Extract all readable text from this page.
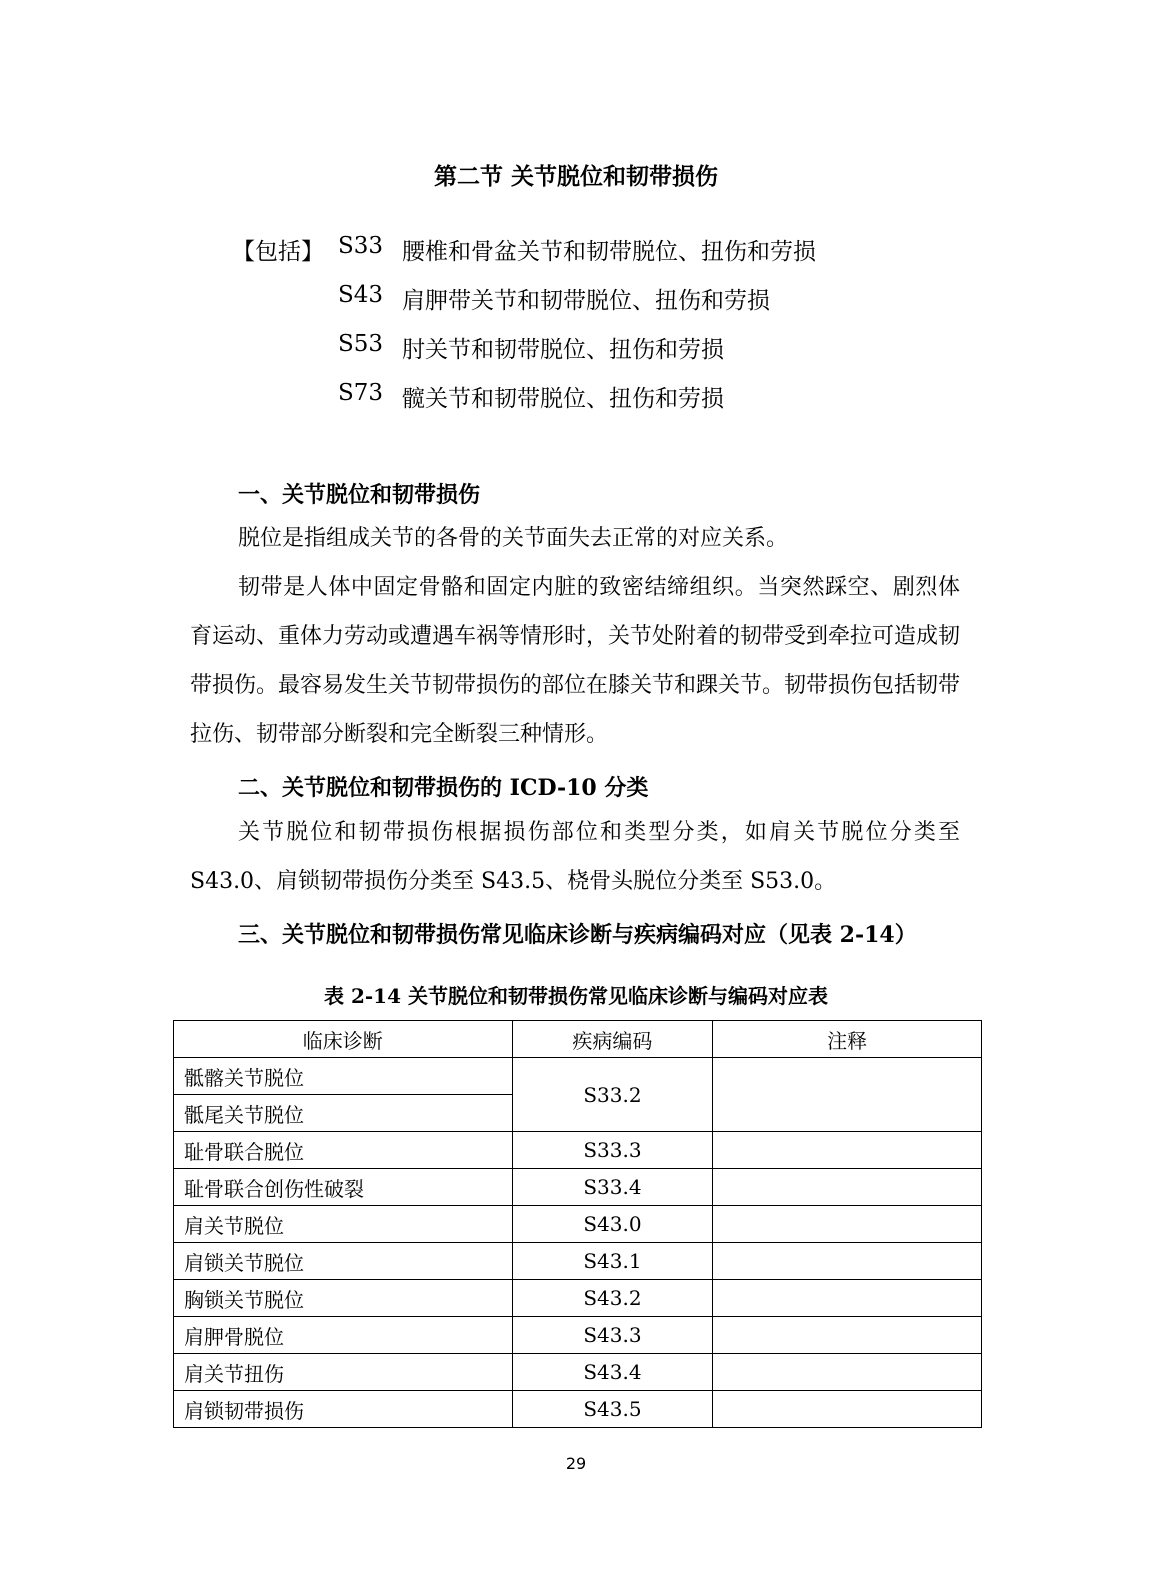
第二节 关节脱位和韧带损伤
【包括】 S33 腰椎和骨盆关节和韧带脱位、扭伤和劳损
S43 肩胛带关节和韧带脱位、扭伤和劳损
S53 肘关节和韧带脱位、扭伤和劳损
S73 髋关节和韧带脱位、扭伤和劳损
一、关节脱位和韧带损伤
脱位是指组成关节的各骨的关节面失去正常的对应关系。
韧带是人体中固定骨骼和固定内脏的致密结缔组织。当突然踩空、剧烈体育运动、重体力劳动或遭遇车祸等情形时，关节处附着的韧带受到牵拉可造成韧带损伤。最容易发生关节韧带损伤的部位在膝关节和踝关节。韧带损伤包括韧带拉伤、韧带部分断裂和完全断裂三种情形。
二、关节脱位和韧带损伤的 ICD-10 分类
关节脱位和韧带损伤根据损伤部位和类型分类，如肩关节脱位分类至 S43.0、肩锁韧带损伤分类至 S43.5、桡骨头脱位分类至 S53.0。
三、关节脱位和韧带损伤常见临床诊断与疾病编码对应（见表 2-14）
表 2-14 关节脱位和韧带损伤常见临床诊断与编码对应表
临床诊断	疾病编码	注释
骶髂关节脱位	S33.2	
骶尾关节脱位		
耻骨联合脱位	S33.3	
耻骨联合创伤性破裂	S33.4	
肩关节脱位	S43.0	
肩锁关节脱位	S43.1	
胸锁关节脱位	S43.2	
肩胛骨脱位	S43.3	
肩关节扭伤	S43.4	
肩锁韧带损伤	S43.5	
29
